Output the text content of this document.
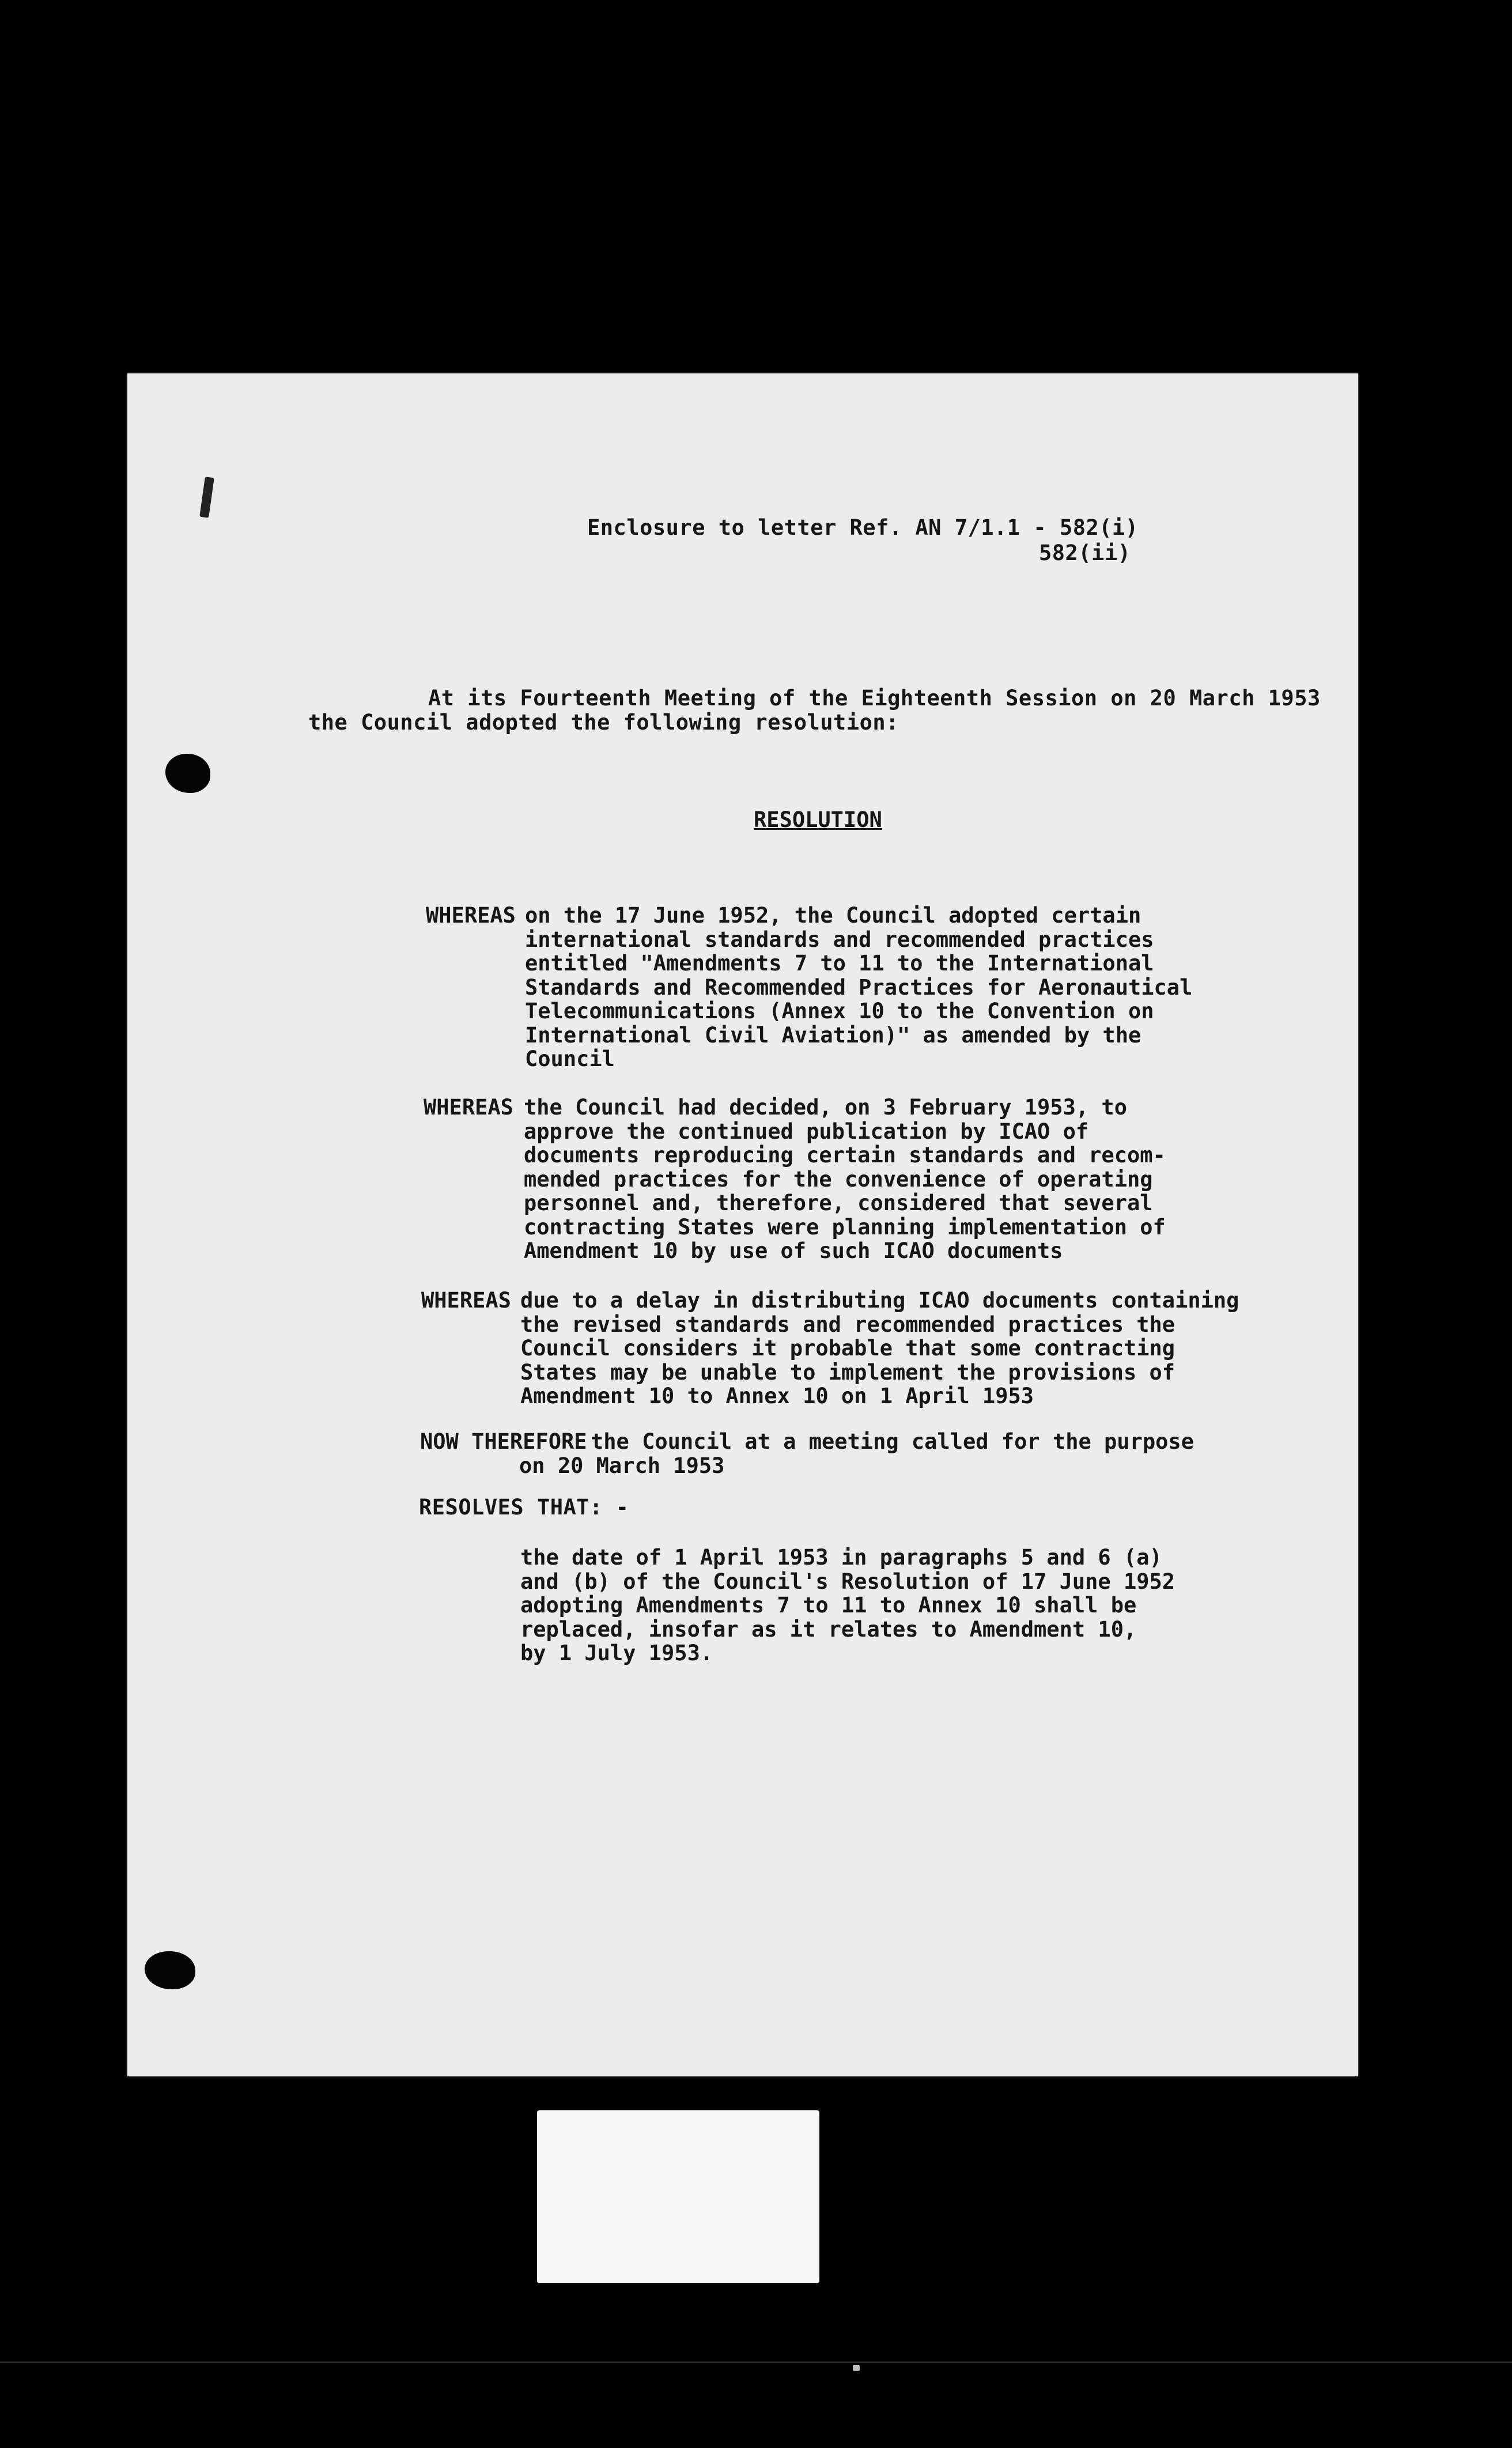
Enclosure to letter Ref. AN 7/1.1 - 582(i)
582(ii)
At its Fourteenth Meeting of the Eighteenth Session on 20 March 1953
the Council adopted the following resolution:
RESOLUTION
WHEREAS on the 17 June 1952, the Council adopted certain
international standards and recommended practices
entitled "Amendments 7 to 11 to the International
Standards and Recommended Practices for Aeronautical
Telecommunications (Annex 10 to the Convention on
International Civil Aviation)" as amended by the
Council
WHEREAS the Council had decided, on 3 February 1953, to
approve the continued publication by ICAO of
documents reproducing certain standards and recom-
mended practices for the convenience of operating
personnel and, therefore, considered that several
contracting States were planning implementation of
Amendment 10 by use of such ICAO documents
WHEREAS due to a delay in distributing ICAO documents containing
the revised standards and recommended practices the
Council considers it probable that some contracting
States may be unable to implement the provisions of
Amendment 10 to Annex 10 on 1 April 1953
NOW THEREFORE the Council at a meeting called for the purpose
on 20 March 1953
RESOLVES THAT: -
the date of 1 April 1953 in paragraphs 5 and 6 (a)
and (b) of the Council's Resolution of 17 June 1952
adopting Amendments 7 to 11 to Annex 10 shall be
replaced, insofar as it relates to Amendment 10,
by 1 July 1953.
